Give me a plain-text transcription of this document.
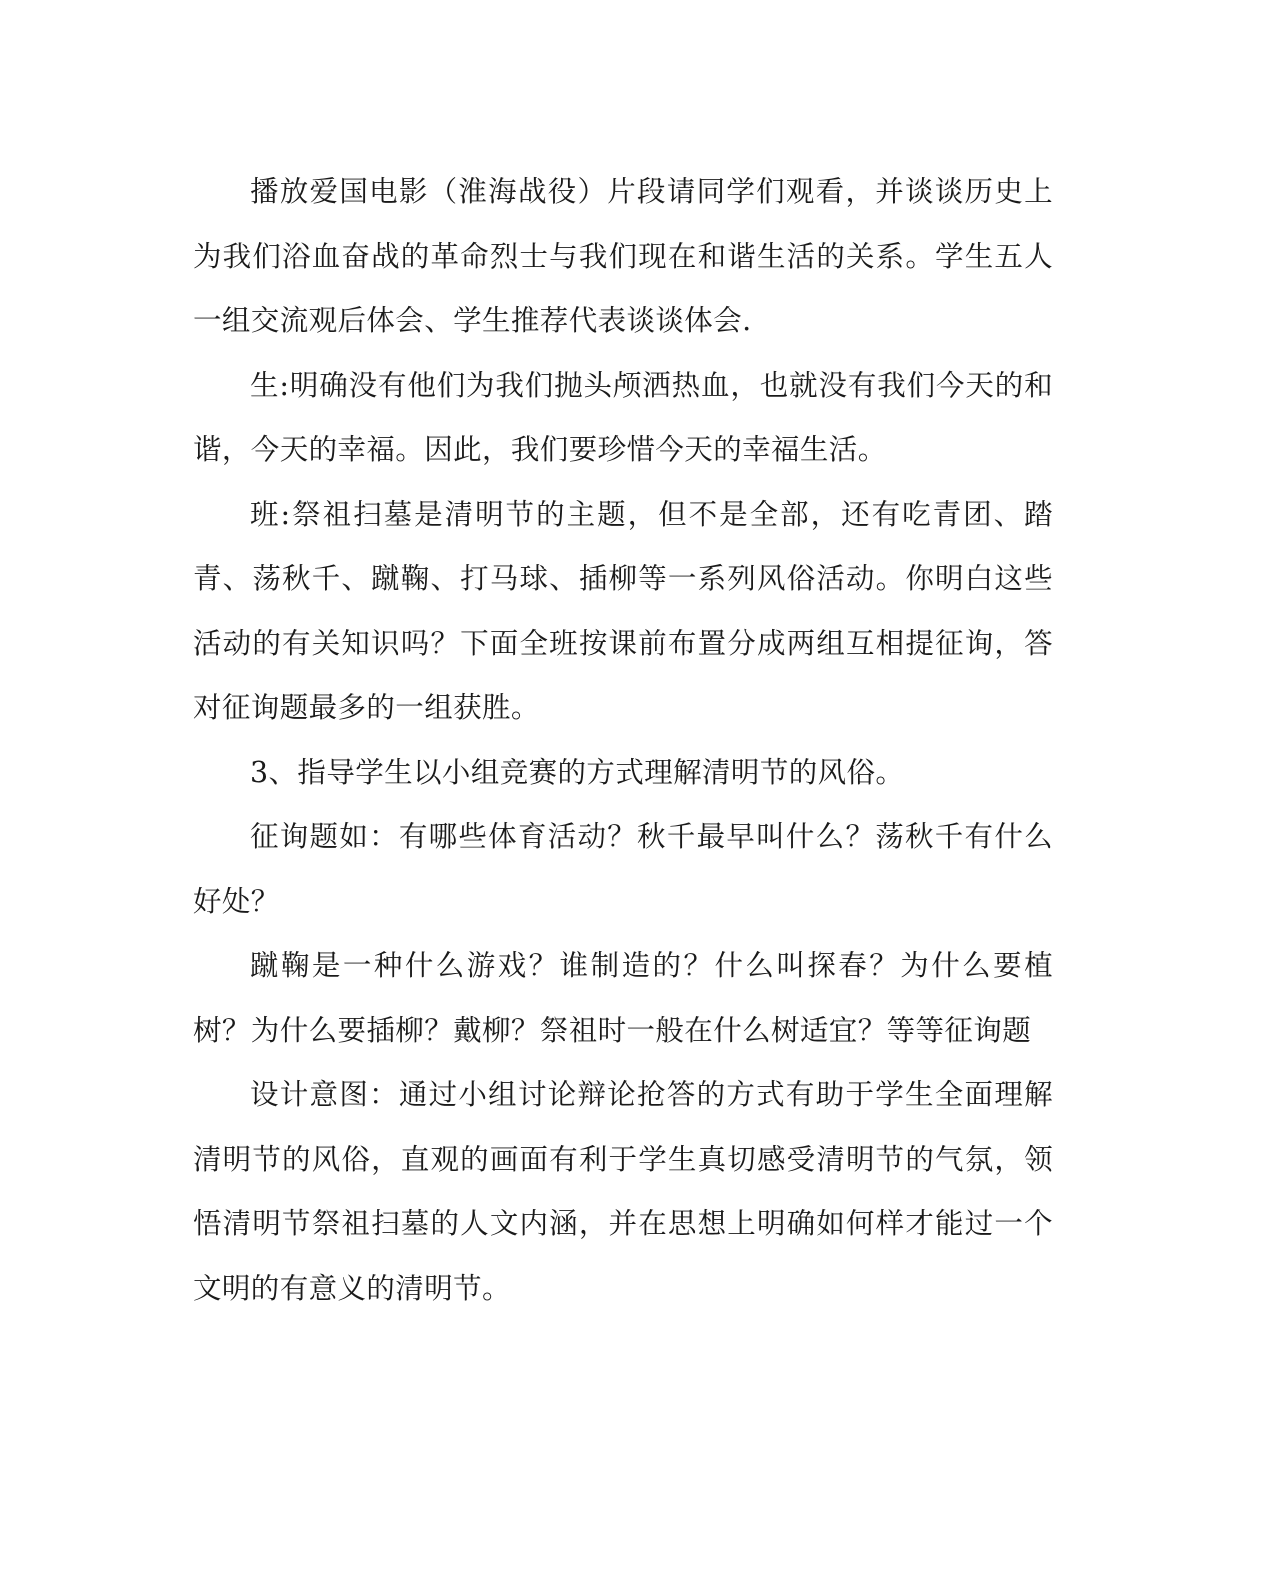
播放爱国电影（淮海战役）片段请同学们观看，并谈谈历史上为我们浴血奋战的革命烈士与我们现在和谐生活的关系。学生五人一组交流观后体会、学生推荐代表谈谈体会.

生:明确没有他们为我们抛头颅洒热血，也就没有我们今天的和谐，今天的幸福。因此，我们要珍惜今天的幸福生活。

班:祭祖扫墓是清明节的主题，但不是全部，还有吃青团、踏青、荡秋千、蹴鞠、打马球、插柳等一系列风俗活动。你明白这些活动的有关知识吗？下面全班按课前布置分成两组互相提征询，答对征询题最多的一组获胜。

3、指导学生以小组竞赛的方式理解清明节的风俗。

征询题如：有哪些体育活动？秋千最早叫什么？荡秋千有什么好处？

蹴鞠是一种什么游戏？谁制造的？什么叫探春？为什么要植树？为什么要插柳？戴柳？祭祖时一般在什么树适宜？等等征询题

设计意图：通过小组讨论辩论抢答的方式有助于学生全面理解清明节的风俗，直观的画面有利于学生真切感受清明节的气氛，领悟清明节祭祖扫墓的人文内涵，并在思想上明确如何样才能过一个文明的有意义的清明节。
